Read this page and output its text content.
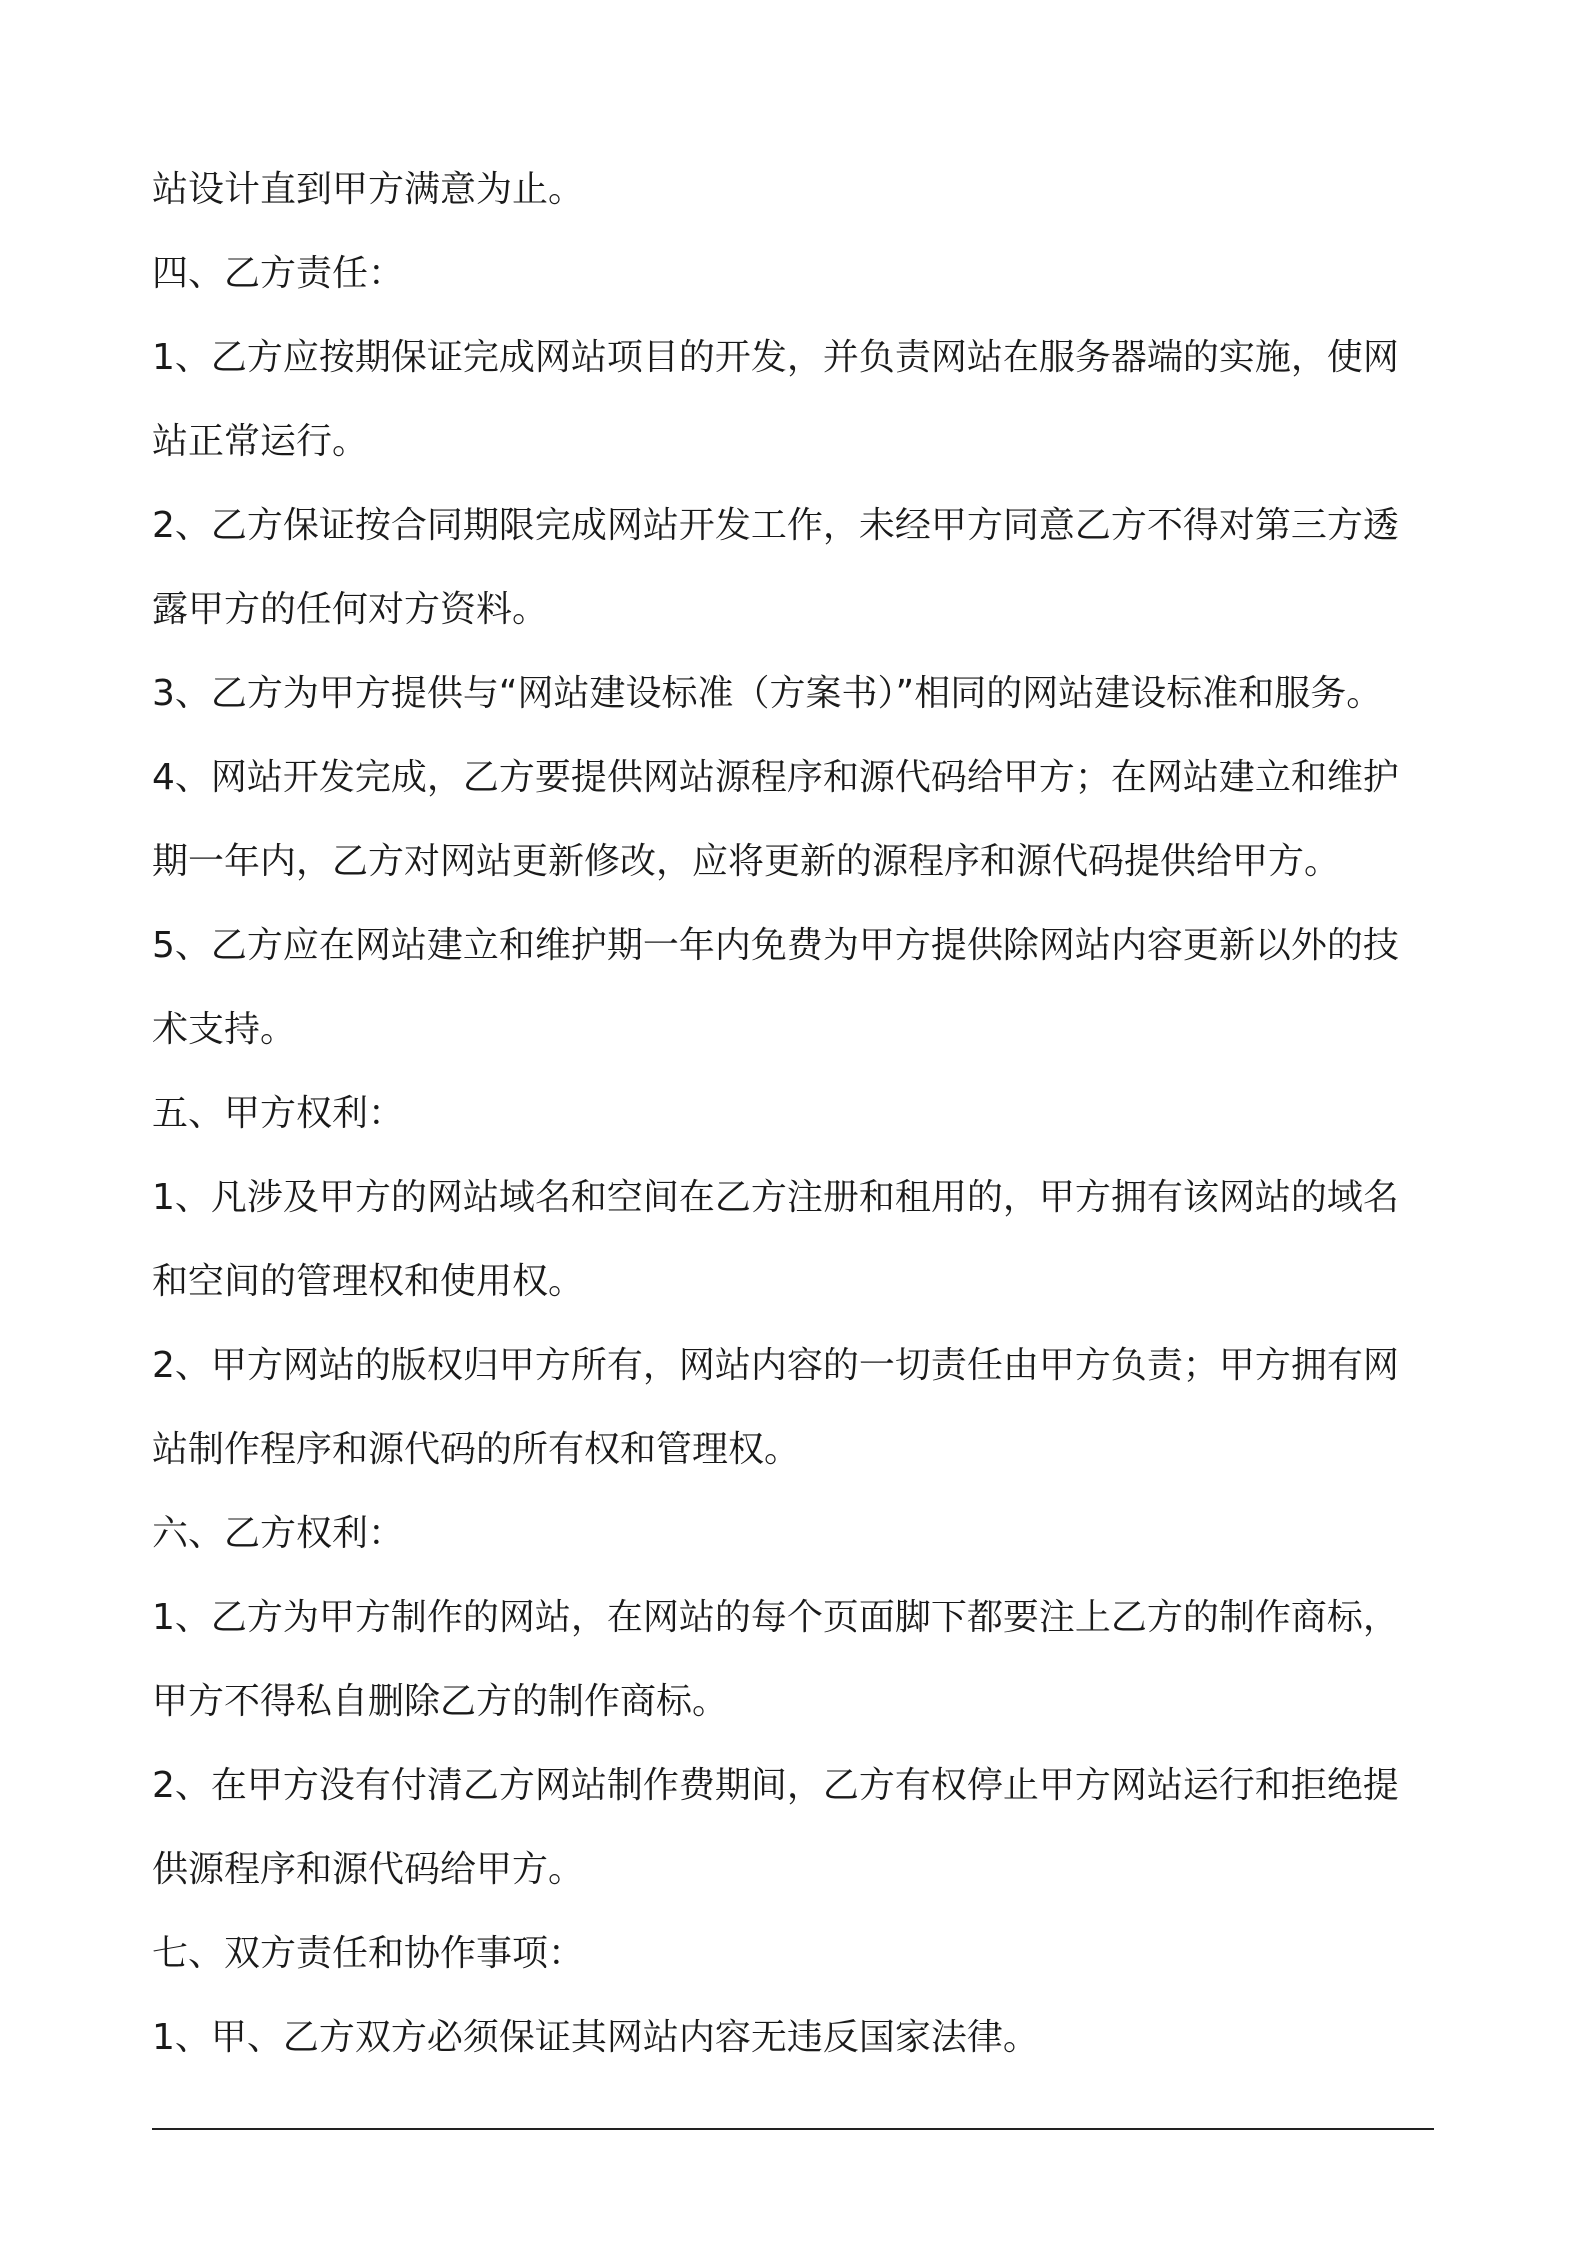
站设计直到甲方满意为止。
四、乙方责任：
1、乙方应按期保证完成网站项目的开发，并负责网站在服务器端的实施，使网
站正常运行。
2、乙方保证按合同期限完成网站开发工作，未经甲方同意乙方不得对第三方透
露甲方的任何对方资料。
3、乙方为甲方提供与“网站建设标准（方案书）”相同的网站建设标准和服务。
4、网站开发完成，乙方要提供网站源程序和源代码给甲方；在网站建立和维护
期一年内，乙方对网站更新修改，应将更新的源程序和源代码提供给甲方。
5、乙方应在网站建立和维护期一年内免费为甲方提供除网站内容更新以外的技
术支持。
五、甲方权利：
1、凡涉及甲方的网站域名和空间在乙方注册和租用的，甲方拥有该网站的域名
和空间的管理权和使用权。
2、甲方网站的版权归甲方所有，网站内容的一切责任由甲方负责；甲方拥有网
站制作程序和源代码的所有权和管理权。
六、乙方权利：
1、乙方为甲方制作的网站，在网站的每个页面脚下都要注上乙方的制作商标，
甲方不得私自删除乙方的制作商标。
2、在甲方没有付清乙方网站制作费期间，乙方有权停止甲方网站运行和拒绝提
供源程序和源代码给甲方。
七、双方责任和协作事项：
1、甲、乙方双方必须保证其网站内容无违反国家法律。
